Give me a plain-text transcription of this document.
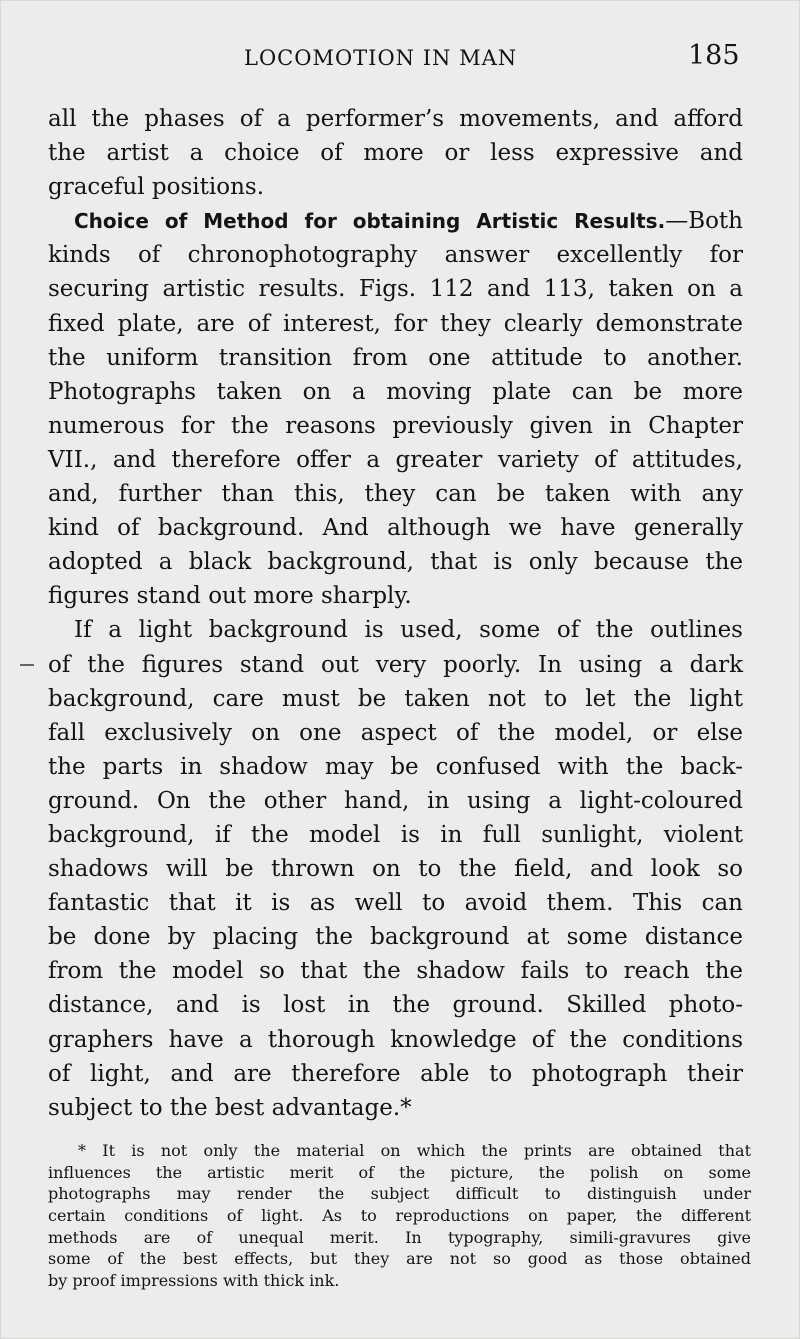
LOCOMOTION IN MAN	185
all the phases of a performer’s movements, and afford
the artist a choice of more or less expressive and
graceful positions.
Choice of Method for obtaining Artistic Results.—Both
kinds of chronophotography answer excellently for
securing artistic results. Figs. 112 and 113, taken on a
fixed plate, are of interest, for they clearly demonstrate
the uniform transition from one attitude to another.
Photographs taken on a moving plate can be more
numerous for the reasons previously given in Chapter
VII., and therefore offer a greater variety of attitudes,
and, further than this, they can be taken with any
kind of background. And although we have generally
adopted a black background, that is only because the
figures stand out more sharply.
If a light background is used, some of the outlines
of the figures stand out very poorly. In using a dark
background, care must be taken not to let the light
fall exclusively on one aspect of the model, or else
the parts in shadow may be confused with the back-
ground. On the other hand, in using a light-coloured
background, if the model is in full sunlight, violent
shadows will be thrown on to the field, and look so
fantastic that it is as well to avoid them. This can
be done by placing the background at some distance
from the model so that the shadow fails to reach the
distance, and is lost in the ground. Skilled photo-
graphers have a thorough knowledge of the conditions
of light, and are therefore able to photograph their
subject to the best advantage.*
* It is not only the material on which the prints are obtained that
influences the artistic merit of the picture, the polish on some
photographs may render the subject difficult to distinguish under
certain conditions of light. As to reproductions on paper, the different
methods are of unequal merit. In typography, simili-gravures give
some of the best effects, but they are not so good as those obtained
by proof impressions with thick ink.
